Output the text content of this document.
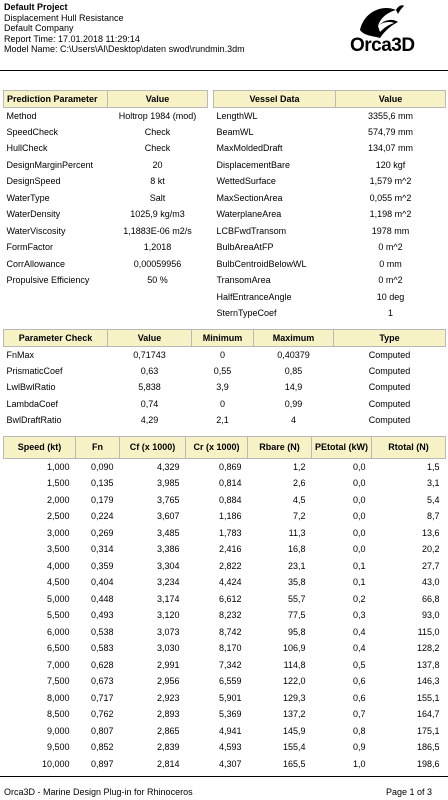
Default Project
Displacement Hull Resistance
Default Company
Report Time: 17.01.2018 11:29:14
Model Name: C:\Users\Al\Desktop\daten swod\rundmin.3dm	Orca3D
Prediction Parameter	Value
Method	Holtrop 1984 (mod)
SpeedCheck	Check
HullCheck	Check
DesignMarginPercent	20
DesignSpeed	8 kt
WaterType	Salt
WaterDensity	1025,9 kg/m3
WaterViscosity	1,1883E-06 m2/s
FormFactor	1,2018
CorrAllowance	0,00059956
Propulsive Efficiency	50 %
Vessel Data	Value
LengthWL	3355,6 mm
BeamWL	574,79 mm
MaxMoldedDraft	134,07 mm
DisplacementBare	120 kgf
WettedSurface	1,579 m^2
MaxSectionArea	0,055 m^2
WaterplaneArea	1,198 m^2
LCBFwdTransom	1978 mm
BulbAreaAtFP	0 m^2
BulbCentroidBelowWL	0 mm
TransomArea	0 m^2
HalfEntranceAngle	10 deg
SternTypeCoef	1
Parameter Check	Value	Minimum	Maximum	Type
FnMax	0,71743	0	0,40379	Computed
PrismaticCoef	0,63	0,55	0,85	Computed
LwlBwlRatio	5,838	3,9	14,9	Computed
LambdaCoef	0,74	0	0,99	Computed
BwlDraftRatio	4,29	2,1	4	Computed
Speed (kt)	Fn	Cf (x 1000)	Cr (x 1000)	Rbare (N)	PEtotal (kW)	Rtotal (N)
1,000	0,090	4,329	0,869	1,2	0,0	1,5
1,500	0,135	3,985	0,814	2,6	0,0	3,1
2,000	0,179	3,765	0,884	4,5	0,0	5,4
2,500	0,224	3,607	1,186	7,2	0,0	8,7
3,000	0,269	3,485	1,783	11,3	0,0	13,6
3,500	0,314	3,386	2,416	16,8	0,0	20,2
4,000	0,359	3,304	2,822	23,1	0,1	27,7
4,500	0,404	3,234	4,424	35,8	0,1	43,0
5,000	0,448	3,174	6,612	55,7	0,2	66,8
5,500	0,493	3,120	8,232	77,5	0,3	93,0
6,000	0,538	3,073	8,742	95,8	0,4	115,0
6,500	0,583	3,030	8,170	106,9	0,4	128,2
7,000	0,628	2,991	7,342	114,8	0,5	137,8
7,500	0,673	2,956	6,559	122,0	0,6	146,3
8,000	0,717	2,923	5,901	129,3	0,6	155,1
8,500	0,762	2,893	5,369	137,2	0,7	164,7
9,000	0,807	2,865	4,941	145,9	0,8	175,1
9,500	0,852	2,839	4,593	155,4	0,9	186,5
10,000	0,897	2,814	4,307	165,5	1,0	198,6
Orca3D - Marine Design Plug-in for Rhinoceros	Page 1 of 3
